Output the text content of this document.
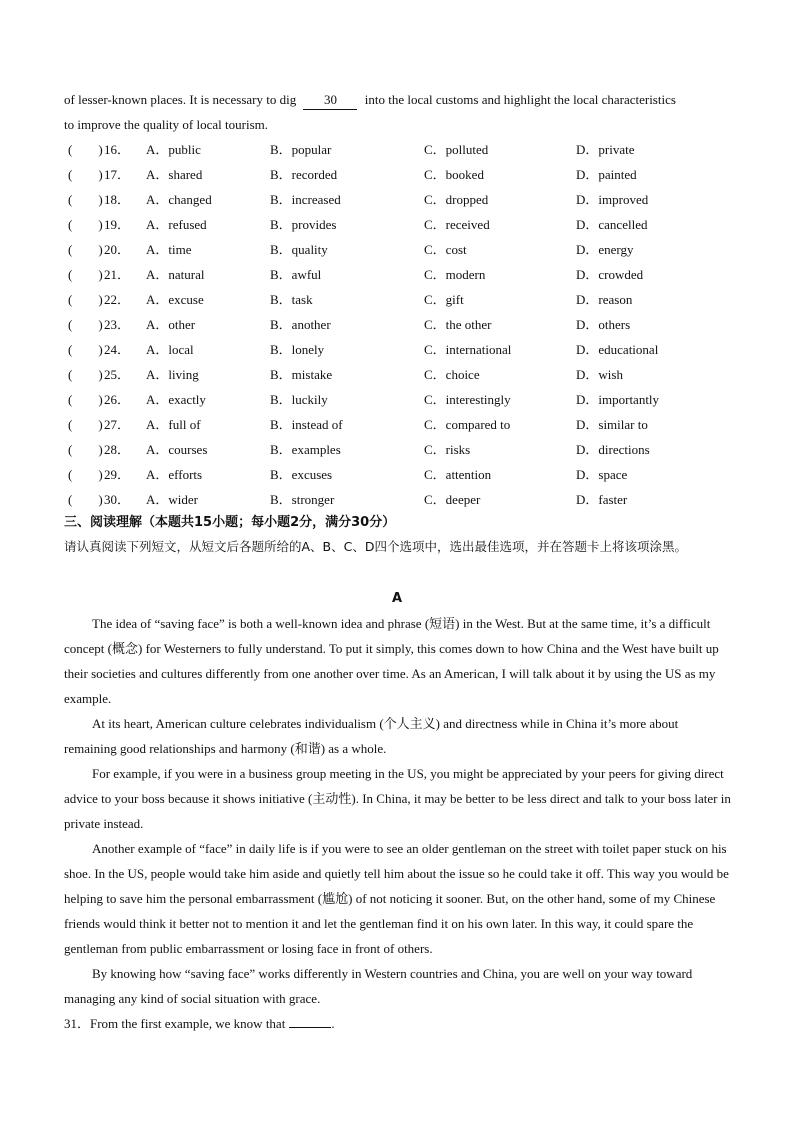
of lesser-known places. It is necessary to dig 30 into the local customs and highlight the local characteristics
to improve the quality of local tourism.
(　　) 16． A．public	B．popular	C．polluted	D．private
(　　) 17． A．shared	B．recorded	C．booked	D．painted
(　　) 18． A．changed	B．increased	C．dropped	D．improved
(　　) 19． A．refused	B．provides	C．received	D．cancelled
(　　) 20． A．time	B．quality	C．cost	D．energy
(　　) 21． A．natural	B．awful	C．modern	D．crowded
(　　) 22． A．excuse	B．task	C．gift	D．reason
(　　) 23． A．other	B．another	C．the other	D．others
(　　) 24． A．local	B．lonely	C．international	D．educational
(　　) 25． A．living	B．mistake	C．choice	D．wish
(　　) 26． A．exactly	B．luckily	C．interestingly	D．importantly
(　　) 27． A．full of	B．instead of	C．compared to	D．similar to
(　　) 28． A．courses	B．examples	C．risks	D．directions
(　　) 29． A．efforts	B．excuses	C．attention	D．space
(　　) 30． A．wider	B．stronger	C．deeper	D．faster
三、阅读理解（本题共15小题；每小题2分，满分30分）
请认真阅读下列短文，从短文后各题所给的A、B、C、D四个选项中，选出最佳选项，并在答题卡上将该项涂黑。
A
The idea of “saving face” is both a well-known idea and phrase (短语) in the West. But at the same time, it’s a difficult concept (概念) for Westerners to fully understand. To put it simply, this comes down to how China and the West have built up their societies and cultures differently from one another over time. As an American, I will talk about it by using the US as my example.
At its heart, American culture celebrates individualism (个人主义) and directness while in China it’s more about remaining good relationships and harmony (和谐) as a whole.
For example, if you were in a business group meeting in the US, you might be appreciated by your peers for giving direct advice to your boss because it shows initiative (主动性). In China, it may be better to be less direct and talk to your boss later in private instead.
Another example of “face” in daily life is if you were to see an older gentleman on the street with toilet paper stuck on his shoe. In the US, people would take him aside and quietly tell him about the issue so he could take it off. This way you would be helping to save him the personal embarrassment (尴尬) of not noticing it sooner. But, on the other hand, some of my Chinese friends would think it better not to mention it and let the gentleman find it on his own later. In this way, it could spare the gentleman from public embarrassment or losing face in front of others.
By knowing how “saving face” works differently in Western countries and China, you are well on your way toward managing any kind of social situation with grace.
31．From the first example, we know that	.
